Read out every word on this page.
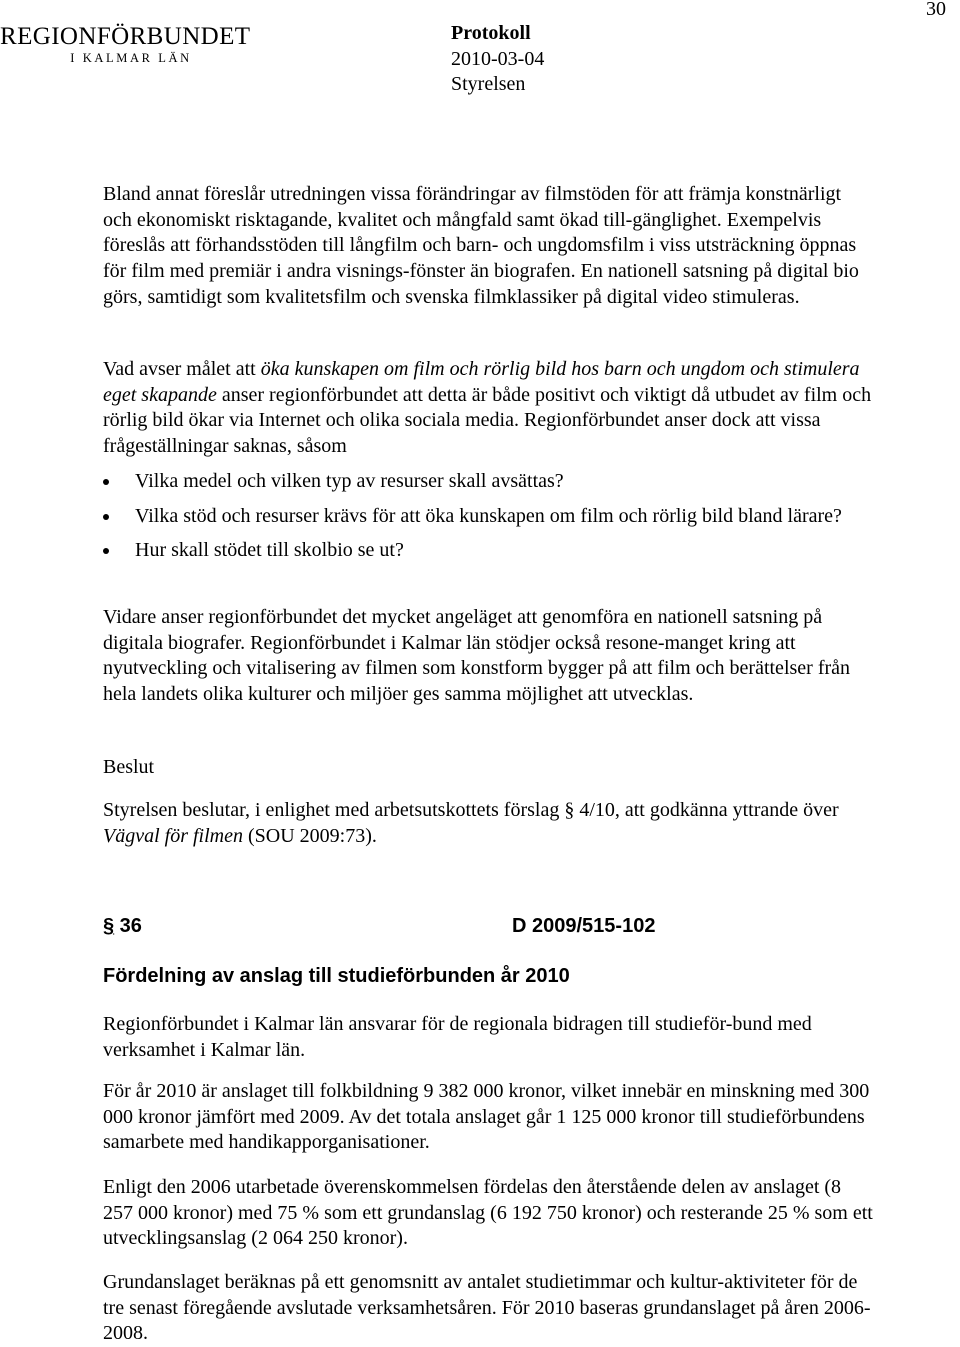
REGIONFÖRBUNDET
I KALMAR LÄN
Protokoll
2010-03-04
Styrelsen
30

Bland annat föreslår utredningen vissa förändringar av filmstöden för att främja konstnärligt och ekonomiskt risktagande, kvalitet och mångfald samt ökad till-gänglighet. Exempelvis föreslås att förhandsstöden till långfilm och barn- och ungdomsfilm i viss utsträckning öppnas för film med premiär i andra visnings-fönster än biografen. En nationell satsning på digital bio görs, samtidigt som kvalitetsfilm och svenska filmklassiker på digital video stimuleras.

Vad avser målet att öka kunskapen om film och rörlig bild hos barn och ungdom och stimulera eget skapande anser regionförbundet att detta är både positivt och viktigt då utbudet av film och rörlig bild ökar via Internet och olika sociala media. Regionförbundet anser dock att vissa frågeställningar saknas, såsom

Vilka medel och vilken typ av resurser skall avsättas?
Vilka stöd och resurser krävs för att öka kunskapen om film och rörlig bild bland lärare?
Hur skall stödet till skolbio se ut?

Vidare anser regionförbundet det mycket angeläget att genomföra en nationell satsning på digitala biografer. Regionförbundet i Kalmar län stödjer också resone-manget kring att nyutveckling och vitalisering av filmen som konstform bygger på att film och berättelser från hela landets olika kulturer och miljöer ges samma möjlighet att utvecklas.

Beslut

Styrelsen beslutar, i enlighet med arbetsutskottets förslag § 4/10, att godkänna yttrande över Vägval för filmen (SOU 2009:73).

§ 36	D 2009/515-102
Fördelning av anslag till studieförbunden år 2010

Regionförbundet i Kalmar län ansvarar för de regionala bidragen till studieför-bund med verksamhet i Kalmar län.

För år 2010 är anslaget till folkbildning 9 382 000 kronor, vilket innebär en minskning med 300 000 kronor jämfört med 2009. Av det totala anslaget går 1 125 000 kronor till studieförbundens samarbete med handikapporganisationer.

Enligt den 2006 utarbetade överenskommelsen fördelas den återstående delen av anslaget (8 257 000 kronor) med 75 % som ett grundanslag (6 192 750 kronor) och resterande 25 % som ett utvecklingsanslag (2 064 250 kronor).

Grundanslaget beräknas på ett genomsnitt av antalet studietimmar och kultur-aktiviteter för de tre senast föregående avslutade verksamhetsåren. För 2010 baseras grundanslaget på åren 2006-2008.
